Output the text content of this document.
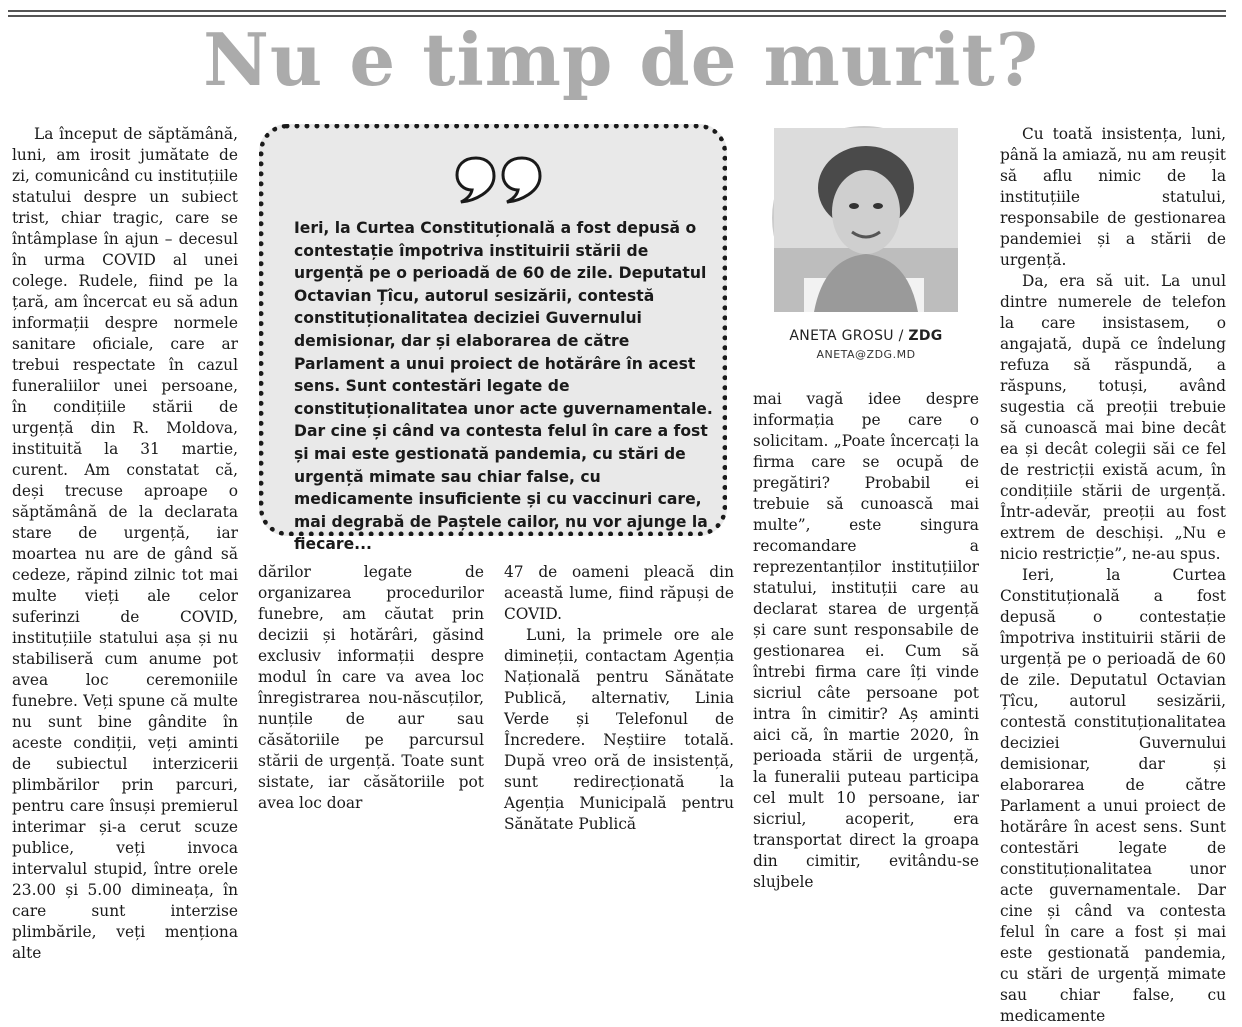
Nu e timp de murit?

La început de săptămână, luni, am irosit jumătate de zi, comunicând cu instituțiile statului despre un subiect trist, chiar tragic, care se întâmplase în ajun – decesul în urma COVID al unei colege. Rudele, fiind pe la țară, am încercat eu să adun informații despre normele sanitare oficiale, care ar trebui respectate în cazul funeraliilor unei persoane, în condițiile stării de urgență din R. Moldova, instituită la 31 martie, curent. Am constatat că, deși trecuse aproape o săptămână de la declarata stare de urgență, iar moartea nu are de gând să cedeze, răpind zilnic tot mai multe vieți ale celor suferinzi de COVID, instituțiile statului așa și nu stabiliseră cum anume pot avea loc ceremoniile funebre. Veți spune că multe nu sunt bine gândite în aceste condiții, veți aminti de subiectul interzicerii plimbărilor prin parcuri, pentru care însuși premierul interimar și-a cerut scuze publice, veți invoca intervalul stupid, între orele 23.00 și 5.00 dimineața, în care sunt interzise plimbările, veți menționa alte

Ieri, la Curtea Constituțională a fost depusă o contestație împotriva instituirii stării de urgență pe o perioadă de 60 de zile. Deputatul Octavian Țîcu, autorul sesizării, contestă constituționalitatea deciziei Guvernului demisionar, dar și elaborarea de către Parlament a unui proiect de hotărâre în acest sens. Sunt contestări legate de constituționalitatea unor acte guvernamentale. Dar cine și când va contesta felul în care a fost și mai este gestionată pandemia, cu stări de urgență mimate sau chiar false, cu medicamente insuficiente și cu vaccinuri care, mai degrabă de Paștele cailor, nu vor ajunge la fiecare...

dărilor legate de organizarea procedurilor funebre, am căutat prin decizii și hotărâri, găsind exclusiv informații despre modul în care va avea loc înregistrarea nou-născuților, nunțile de aur sau căsătoriile pe parcursul stării de urgență. Toate sunt sistate, iar căsătoriile pot avea loc doar

47 de oameni pleacă din această lume, fiind răpuși de COVID.

Luni, la primele ore ale dimineții, contactam Agenția Națională pentru Sănătate Publică, alternativ, Linia Verde și Telefonul de Încredere. Neștiire totală. După vreo oră de insistență, sunt redirecționată la Agenția Municipală pentru Sănătate Publică

ANETA GROSU / ZDG
ANETA@ZDG.MD

mai vagă idee despre informația pe care o solicitam. „Poate încercați la firma care se ocupă de pregătiri? Probabil ei trebuie să cunoască mai multe”, este singura recomandare a reprezentanților instituțiilor statului, instituții care au declarat starea de urgență și care sunt responsabile de gestionarea ei. Cum să întrebi firma care îți vinde sicriul câte persoane pot intra în cimitir? Aș aminti aici că, în martie 2020, în perioada stării de urgență, la funeralii puteau participa cel mult 10 persoane, iar sicriul, acoperit, era transportat direct la groapa din cimitir, evitându-se slujbele

Cu toată insistența, luni, până la amiază, nu am reușit să aflu nimic de la instituțiile statului, responsabile de gestionarea pandemiei și a stării de urgență.

Da, era să uit. La unul dintre numerele de telefon la care insistasem, o angajată, după ce îndelung refuza să răspundă, a răspuns, totuși, având sugestia că preoții trebuie să cunoască mai bine decât ea și decât colegii săi ce fel de restricții există acum, în condițiile stării de urgență. Într-adevăr, preoții au fost extrem de deschiși. „Nu e nicio restricție”, ne-au spus.

Ieri, la Curtea Constituțională a fost depusă o contestație împotriva instituirii stării de urgență pe o perioadă de 60 de zile. Deputatul Octavian Țîcu, autorul sesizării, contestă constituționalitatea deciziei Guvernului demisionar, dar și elaborarea de către Parlament a unui proiect de hotărâre în acest sens. Sunt contestări legate de constituționalitatea unor acte guvernamentale. Dar cine și când va contesta felul în care a fost și mai este gestionată pandemia, cu stări de urgență mimate sau chiar false, cu medicamente
